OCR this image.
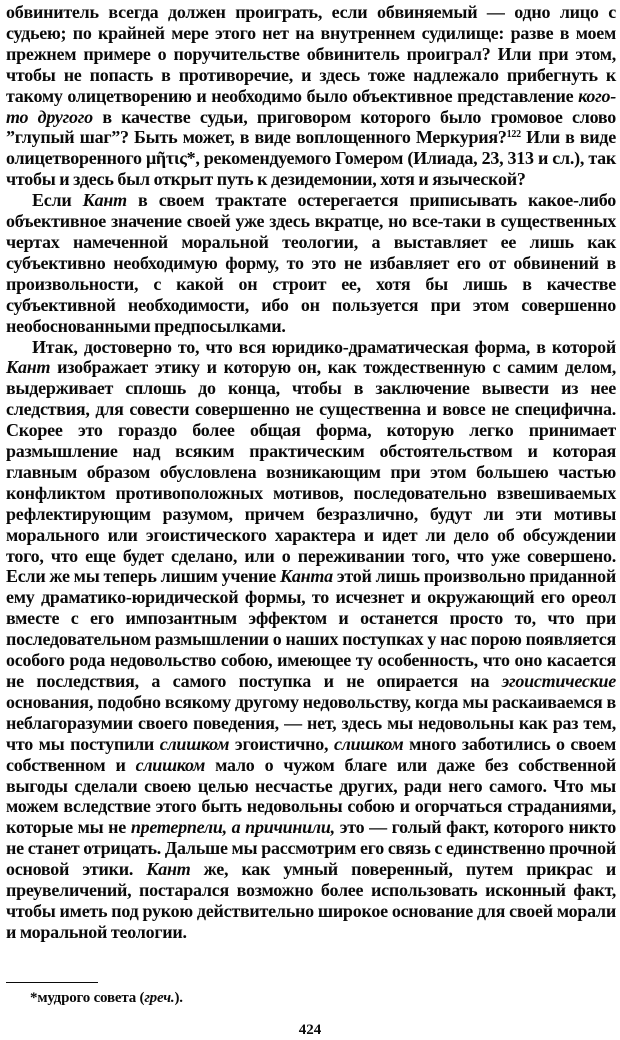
обвинитель всегда должен проиграть, если обвиняемый — одно лицо с судьею; по крайней мере этого нет на внутреннем судилище: разве в моем прежнем примере о поручительстве обвинитель проиграл? Или при этом, чтобы не попасть в противоречие, и здесь тоже надлежало прибегнуть к такому олицетворению и необходимо было объективное представление кого-то другого в качестве судьи, приговором которого было громовое слово ”глупый шаг”? Быть может, в виде воплощенного Меркурия?$^{122}$ Или в виде олицетворенного μῆτις*, рекомендуемого Гомером (Илиада, 23, 313 и сл.), так чтобы и здесь был открыт путь к дезидемонии, хотя и языческой?

Если Кант в своем трактате остерегается приписывать какое-либо объективное значение своей уже здесь вкратце, но все-таки в существенных чертах намеченной моральной теологии, а выставляет ее лишь как субъективно необходимую форму, то это не избавляет его от обвинений в произвольности, с какой он строит ее, хотя бы лишь в качестве субъективной необходимости, ибо он пользуется при этом совершенно необоснованными предпосылками.

Итак, достоверно то, что вся юридико-драматическая форма, в которой Кант изображает этику и которую он, как тождественную с самим делом, выдерживает сплошь до конца, чтобы в заключение вывести из нее следствия, для совести совершенно не существенна и вовсе не специфична. Скорее это гораздо более общая форма, которую легко принимает размышление над всяким практическим обстоятельством и которая главным образом обусловлена возникающим при этом большею частью конфликтом противоположных мотивов, последовательно взвешиваемых рефлектирующим разумом, причем безразлично, будут ли эти мотивы морального или эгоистического характера и идет ли дело об обсуждении того, что еще будет сделано, или о переживании того, что уже совершено. Если же мы теперь лишим учение Канта этой лишь произвольно приданной ему драматико-юридической формы, то исчезнет и окружающий его ореол вместе с его импозантным эффектом и останется просто то, что при последовательном размышлении о наших поступках у нас порою появляется особого рода недовольство собою, имеющее ту особенность, что оно касается не последствия, а самого поступка и не опирается на эгоистические основания, подобно всякому другому недовольству, когда мы раскаиваемся в неблагоразумии своего поведения, — нет, здесь мы недовольны как раз тем, что мы поступили слишком эгоистично, слишком много заботились о своем собственном и слишком мало о чужом благе или даже без собственной выгоды сделали своею целью несчастье других, ради него самого. Что мы можем вследствие этого быть недовольны собою и огорчаться страданиями, которые мы не претерпели, а причинили, это — голый факт, которого никто не станет отрицать. Дальше мы рассмотрим его связь с единственно прочной основой этики. Кант же, как умный поверенный, путем прикрас и преувеличений, постарался возможно более использовать исконный факт, чтобы иметь под рукою действительно широкое основание для своей морали и моральной теологии.

*мудрого совета (греч.).
424
